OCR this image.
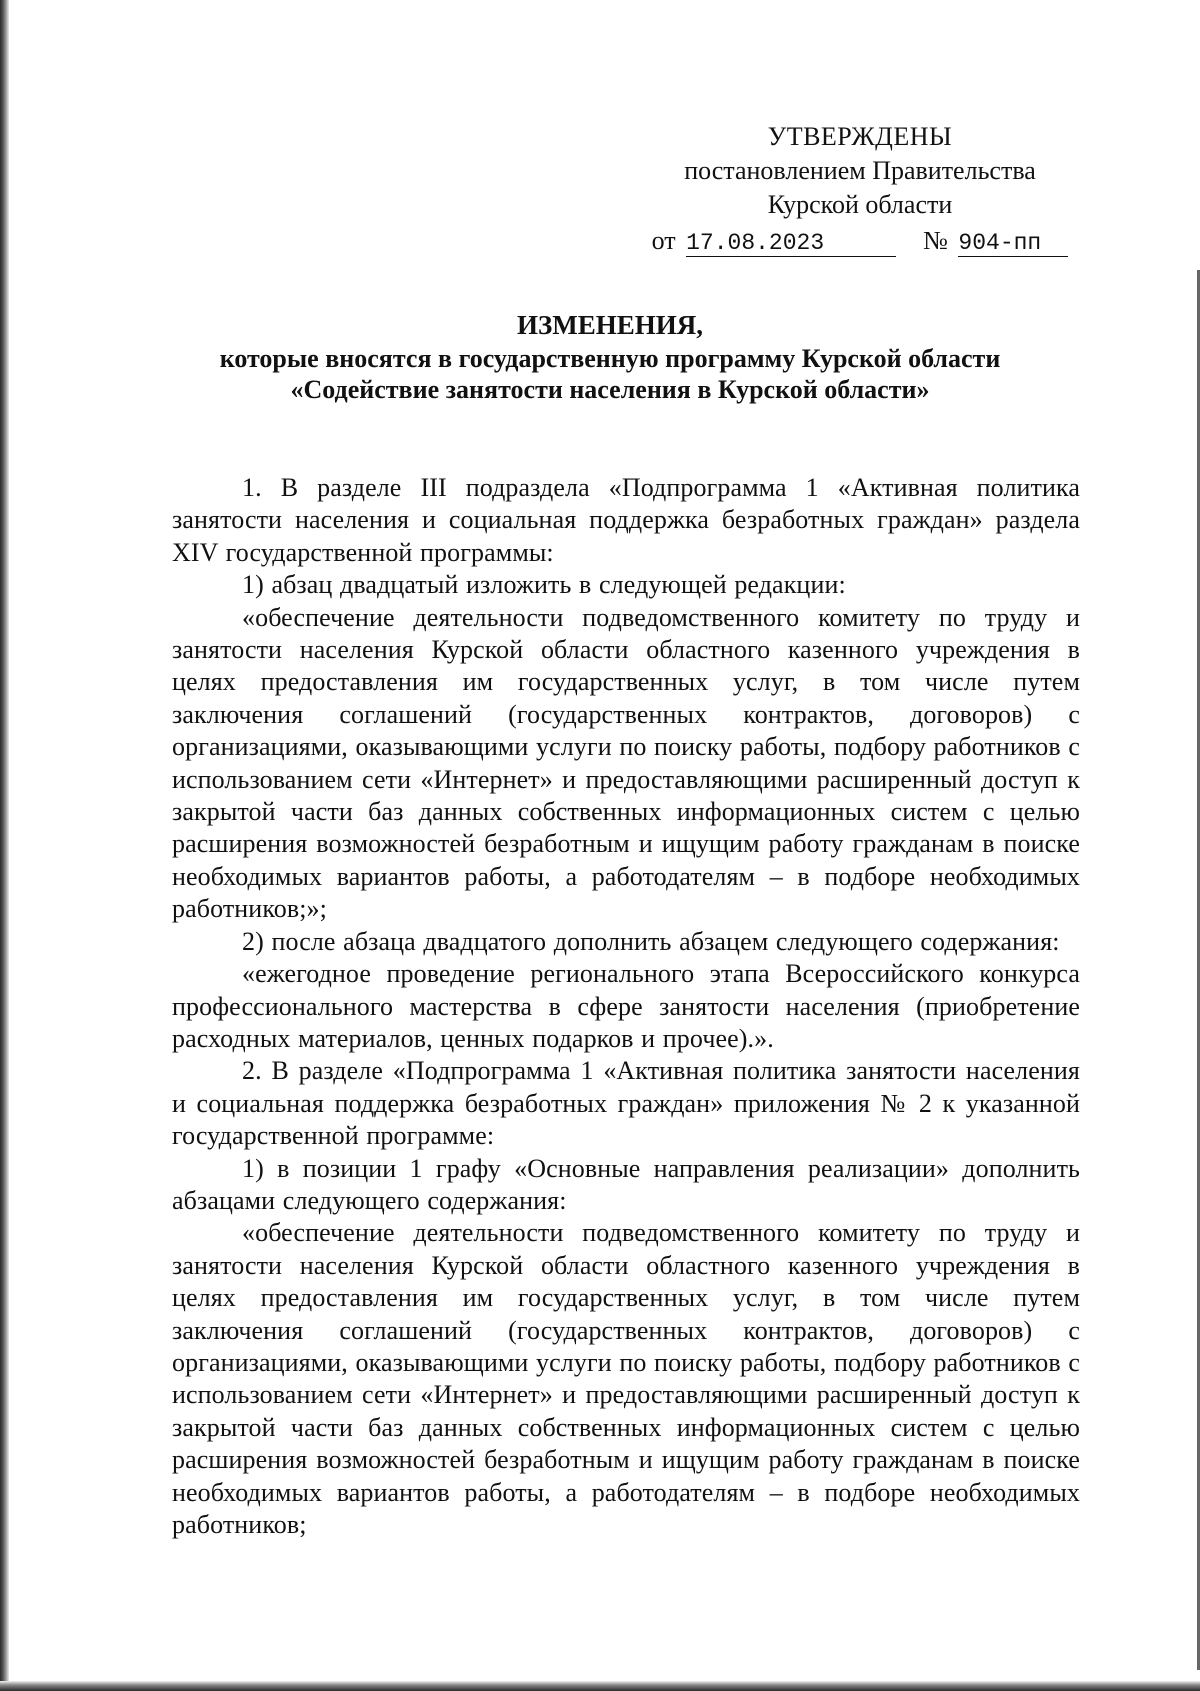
УТВЕРЖДЕНЫ
постановлением Правительства
Курской области
от 17.08.2023	№ 904-пп
ИЗМЕНЕНИЯ,
которые вносятся в государственную программу Курской области
«Содействие занятости населения в Курской области»

1. В разделе III подраздела «Подпрограмма 1 «Активная политика занятости населения и социальная поддержка безработных граждан» раздела XIV государственной программы:

1) абзац двадцатый изложить в следующей редакции:

«обеспечение деятельности подведомственного комитету по труду и занятости населения Курской области областного казенного учреждения в целях предоставления им государственных услуг, в том числе путем заключения соглашений (государственных контрактов, договоров) с организациями, оказывающими услуги по поиску работы, подбору работников с использованием сети «Интернет» и предоставляющими расширенный доступ к закрытой части баз данных собственных информационных систем с целью расширения возможностей безработным и ищущим работу гражданам в поиске необходимых вариантов работы, а работодателям – в подборе необходимых работников;»;

2) после абзаца двадцатого дополнить абзацем следующего содержания:

«ежегодное проведение регионального этапа Всероссийского конкурса профессионального мастерства в сфере занятости населения (приобретение расходных материалов, ценных подарков и прочее).».

2. В разделе «Подпрограмма 1 «Активная политика занятости населения и социальная поддержка безработных граждан» приложения № 2 к указанной государственной программе:

1) в позиции 1 графу «Основные направления реализации» дополнить абзацами следующего содержания:

«обеспечение деятельности подведомственного комитету по труду и занятости населения Курской области областного казенного учреждения в целях предоставления им государственных услуг, в том числе путем заключения соглашений (государственных контрактов, договоров) с организациями, оказывающими услуги по поиску работы, подбору работников с использованием сети «Интернет» и предоставляющими расширенный доступ к закрытой части баз данных собственных информационных систем с целью расширения возможностей безработным и ищущим работу гражданам в поиске необходимых вариантов работы, а работодателям – в подборе необходимых работников;
